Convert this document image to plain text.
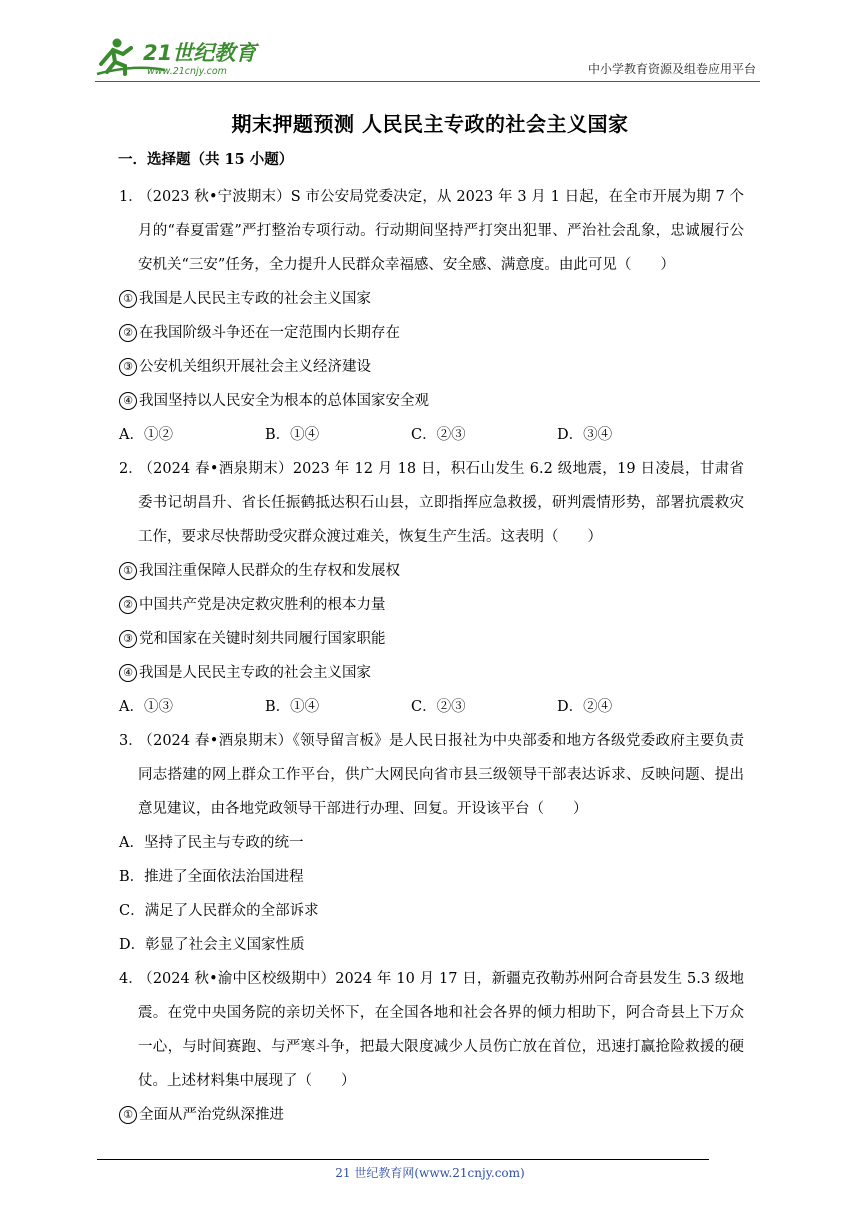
21世纪教育
www.21cnjy.com	中小学教育资源及组卷应用平台
期末押题预测 人民民主专政的社会主义国家
一．选择题（共 15 小题）
1．（2023 秋•宁波期末）S 市公安局党委决定，从 2023 年 3 月 1 日起，在全市开展为期 7 个月的“春夏雷霆”严打整治专项行动。行动期间坚持严打突出犯罪、严治社会乱象，忠诚履行公安机关“三安”任务，全力提升人民群众幸福感、安全感、满意度。由此可见（　　）
① 我国是人民民主专政的社会主义国家
② 在我国阶级斗争还在一定范围内长期存在
③ 公安机关组织开展社会主义经济建设
④ 我国坚持以人民安全为根本的总体国家安全观
A．①②	B．①④	C．②③	D．③④
2．（2024 春•酒泉期末）2023 年 12 月 18 日，积石山发生 6.2 级地震，19 日凌晨，甘肃省委书记胡昌升、省长任振鹤抵达积石山县，立即指挥应急救援，研判震情形势，部署抗震救灾工作，要求尽快帮助受灾群众渡过难关，恢复生产生活。这表明（　　）
① 我国注重保障人民群众的生存权和发展权
② 中国共产党是决定救灾胜利的根本力量
③ 党和国家在关键时刻共同履行国家职能
④ 我国是人民民主专政的社会主义国家
A．①③	B．①④	C．②③	D．②④
3．（2024 春•酒泉期末）《领导留言板》是人民日报社为中央部委和地方各级党委政府主要负责同志搭建的网上群众工作平台，供广大网民向省市县三级领导干部表达诉求、反映问题、提出意见建议，由各地党政领导干部进行办理、回复。开设该平台（　　）
A．坚持了民主与专政的统一
B．推进了全面依法治国进程
C．满足了人民群众的全部诉求
D．彰显了社会主义国家性质
4．（2024 秋•渝中区校级期中）2024 年 10 月 17 日，新疆克孜勒苏州阿合奇县发生 5.3 级地震。在党中央国务院的亲切关怀下，在全国各地和社会各界的倾力相助下，阿合奇县上下万众一心，与时间赛跑、与严寒斗争，把最大限度减少人员伤亡放在首位，迅速打赢抢险救援的硬仗。上述材料集中展现了（　　）
① 全面从严治党纵深推进
21 世纪教育网(www.21cnjy.com)
